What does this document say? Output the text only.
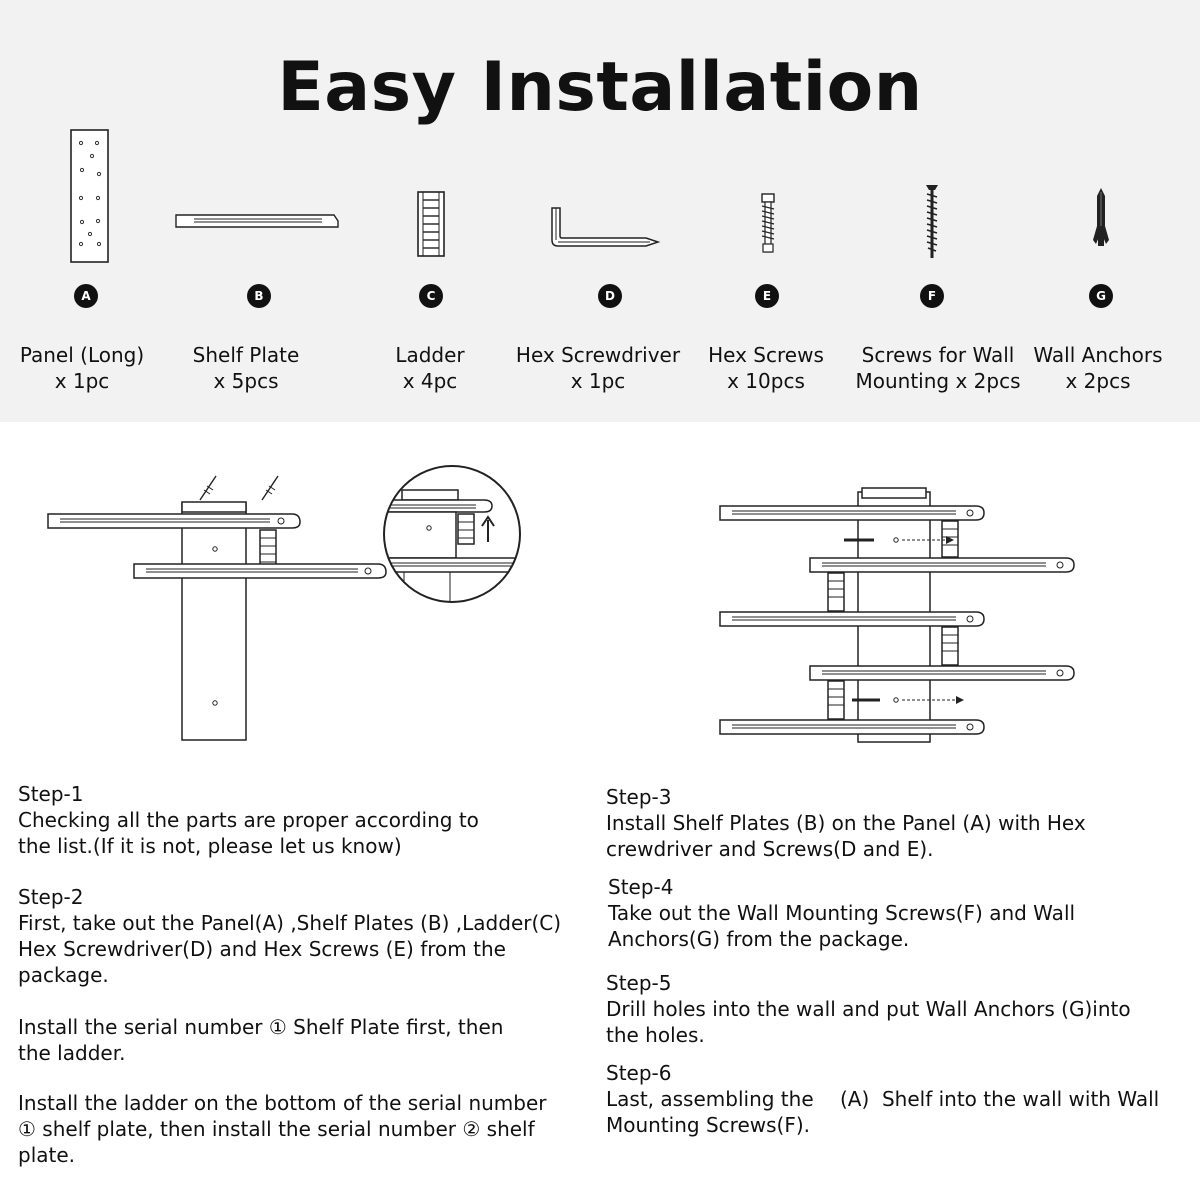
Easy Installation
A	B	C	D	E	F	G
Panel (Long)
x 1pc
Shelf Plate
x 5pcs
Ladder
x 4pc
Hex Screwdriver
x 1pc
Hex Screws
x 10pcs
Screws for Wall
Mounting x 2pcs
Wall Anchors
x 2pcs
Step-1
Checking all the parts are proper according to
the list.(If it is not, please let us know)
Step-2
First, take out the Panel(A) ,Shelf Plates (B) ,Ladder(C)
Hex Screwdriver(D) and Hex Screws (E) from the
package.
Install the serial number ① Shelf Plate first, then
the ladder.
Install the ladder on the bottom of the serial number
① shelf plate, then install the serial number ② shelf
plate.
Step-3
Install Shelf Plates (B) on the Panel (A) with Hex
crewdriver and Screws(D and E).
Step-4
Take out the Wall Mounting Screws(F) and Wall
Anchors(G) from the package.
Step-5
Drill holes into the wall and put Wall Anchors (G)into
the holes.
Step-6
Last, assembling the 　(A)  Shelf into the wall with Wall
Mounting Screws(F).
